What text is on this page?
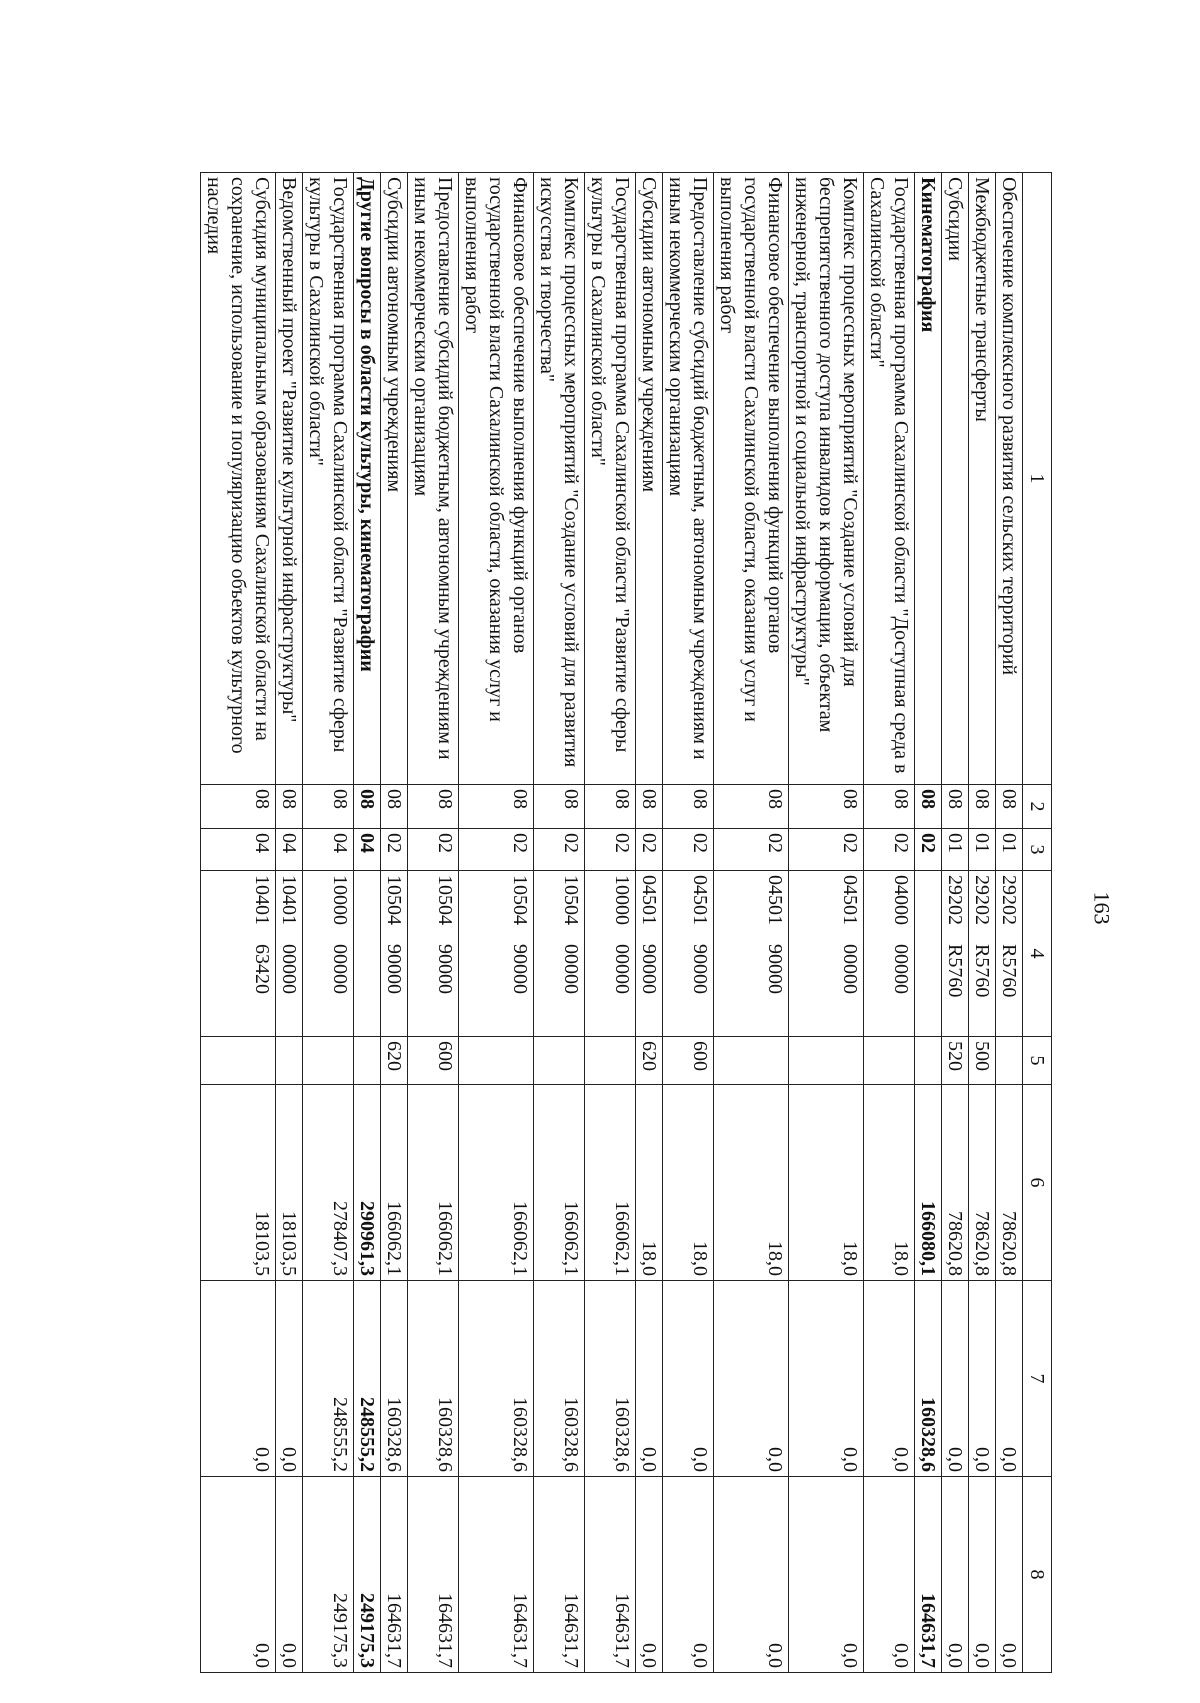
163
1	2	3	4	5	6	7	8
Обеспечение комплексного развития сельских территорий	08	01	29202 R5760		78620,8	0,0	0,0
Межбюджетные трансферты	08	01	29202 R5760	500	78620,8	0,0	0,0
Субсидии	08	01	29202 R5760	520	78620,8	0,0	0,0
Кинематография	08	02			166080,1	160328,6	164631,7
Государственная программа Сахалинской области "Доступная среда в Сахалинской области"	08	02	04000 00000		18,0	0,0	0,0
Комплекс процессных мероприятий "Создание условий для беспрепятственного доступа инвалидов к информации, объектам инженерной, транспортной и социальной инфраструктуры"	08	02	04501 00000		18,0	0,0	0,0
Финансовое обеспечение выполнения функций органов государственной власти Сахалинской области, оказания услуг и выполнения работ	08	02	04501 90000		18,0	0,0	0,0
Предоставление субсидий бюджетным, автономным учреждениям и иным некоммерческим организациям	08	02	04501 90000	600	18,0	0,0	0,0
Субсидии автономным учреждениям	08	02	04501 90000	620	18,0	0,0	0,0
Государственная программа Сахалинской области "Развитие сферы культуры в Сахалинской области"	08	02	10000 00000		166062,1	160328,6	164631,7
Комплекс процессных мероприятий "Создание условий для развития искусства и творчества"	08	02	10504 00000		166062,1	160328,6	164631,7
Финансовое обеспечение выполнения функций органов государственной власти Сахалинской области, оказания услуг и выполнения работ	08	02	10504 90000		166062,1	160328,6	164631,7
Предоставление субсидий бюджетным, автономным учреждениям и иным некоммерческим организациям	08	02	10504 90000	600	166062,1	160328,6	164631,7
Субсидии автономным учреждениям	08	02	10504 90000	620	166062,1	160328,6	164631,7
Другие вопросы в области культуры, кинематографии	08	04			290961,3	248555,2	249175,3
Государственная программа Сахалинской области "Развитие сферы культуры в Сахалинской области"	08	04	10000 00000		278407,3	248555,2	249175,3
Ведомственный проект "Развитие культурной инфраструктуры"	08	04	10401 00000		18103,5	0,0	0,0
Субсидия муниципальным образованиям Сахалинской области на сохранение, использование и популяризацию объектов культурного наследия	08	04	10401 63420		18103,5	0,0	0,0
